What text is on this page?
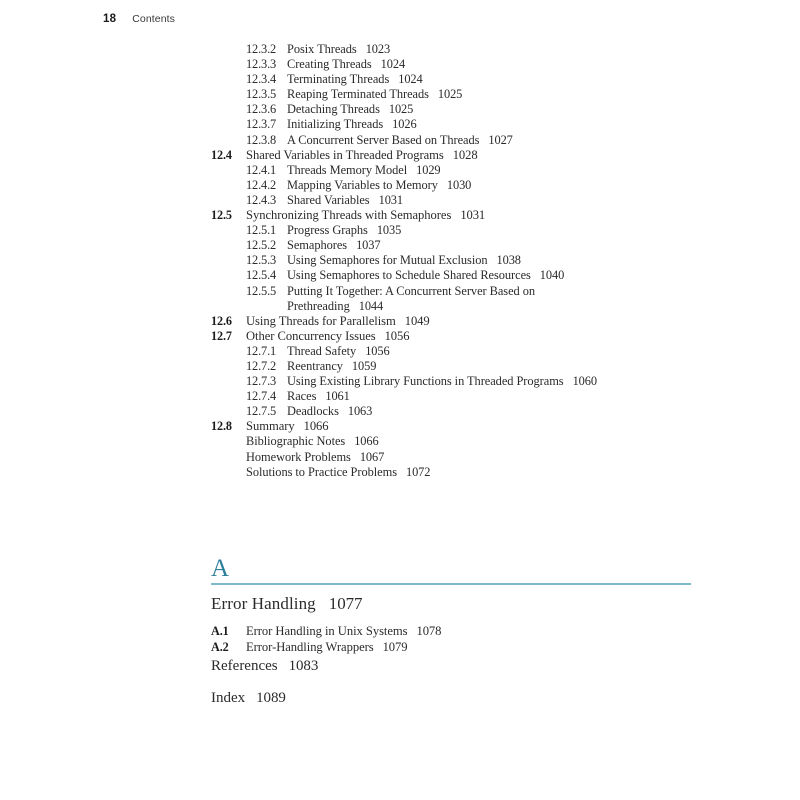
18 Contents
12.3.2 Posix Threads 1023
12.3.3 Creating Threads 1024
12.3.4 Terminating Threads 1024
12.3.5 Reaping Terminated Threads 1025
12.3.6 Detaching Threads 1025
12.3.7 Initializing Threads 1026
12.3.8 A Concurrent Server Based on Threads 1027
12.4	Shared Variables in Threaded Programs 1028
12.4.1 Threads Memory Model 1029
12.4.2 Mapping Variables to Memory 1030
12.4.3 Shared Variables 1031
12.5	Synchronizing Threads with Semaphores 1031
12.5.1 Progress Graphs 1035
12.5.2 Semaphores 1037
12.5.3 Using Semaphores for Mutual Exclusion 1038
12.5.4 Using Semaphores to Schedule Shared Resources 1040
12.5.5 Putting It Together: A Concurrent Server Based on
Prethreading 1044
12.6	Using Threads for Parallelism 1049
12.7	Other Concurrency Issues 1056
12.7.1 Thread Safety 1056
12.7.2 Reentrancy 1059
12.7.3 Using Existing Library Functions in Threaded Programs 1060
12.7.4 Races 1061
12.7.5 Deadlocks 1063
12.8	Summary 1066
Bibliographic Notes 1066
Homework Problems 1067
Solutions to Practice Problems 1072
A
Error Handling 1077
A.1	Error Handling in Unix Systems 1078
A.2	Error-Handling Wrappers 1079
References 1083
Index 1089
